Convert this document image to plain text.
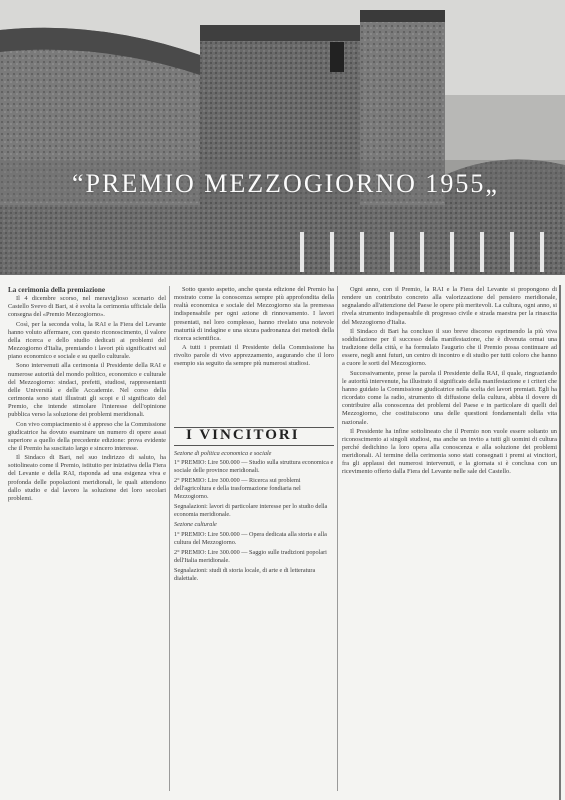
“PREMIO MEZZOGIORNO 1955„

La cerimonia della premiazione

Il 4 dicembre scorso, nel meraviglioso scenario del Castello Svevo di Bari, si è svolta la cerimonia ufficiale della consegna del «Premio Mezzogiorno».

Così, per la seconda volta, la RAI e la Fiera del Levante hanno voluto affermare, con questo riconoscimento, il valore della ricerca e dello studio dedicati ai problemi del Mezzogiorno d'Italia, premiando i lavori più significativi sul piano economico e sociale e su quello culturale.

Sono intervenuti alla cerimonia il Presidente della RAI e numerose autorità del mondo politico, economico e culturale del Mezzogiorno: sindaci, prefetti, studiosi, rappresentanti delle Università e delle Accademie. Nel corso della cerimonia sono stati illustrati gli scopi e il significato del Premio, che intende stimolare l'interesse dell'opinione pubblica verso la soluzione dei problemi meridionali.

Con vivo compiacimento si è appreso che la Commissione giudicatrice ha dovuto esaminare un numero di opere assai superiore a quello della precedente edizione: prova evidente che il Premio ha suscitato largo e sincero interesse.

Il Sindaco di Bari, nel suo indirizzo di saluto, ha sottolineato come il Premio, istituito per iniziativa della Fiera del Levante e della RAI, risponda ad una esigenza viva e profonda delle popolazioni meridionali, le quali attendono dallo studio e dal lavoro la soluzione dei loro secolari problemi.

Sotto questo aspetto, anche questa edizione del Premio ha mostrato come la conoscenza sempre più approfondita della realtà economica e sociale del Mezzogiorno sia la premessa indispensabile per ogni azione di rinnovamento. I lavori presentati, nel loro complesso, hanno rivelato una notevole maturità di indagine e una sicura padronanza dei metodi della ricerca scientifica.

A tutti i premiati il Presidente della Commissione ha rivolto parole di vivo apprezzamento, augurando che il loro esempio sia seguito da sempre più numerosi studiosi.

I VINCITORI
Sezione di politica economica e sociale

1° PREMIO: Lire 500.000 — Studio sulla struttura economica e sociale delle province meridionali.

2° PREMIO: Lire 300.000 — Ricerca sui problemi dell'agricoltura e della trasformazione fondiaria nel Mezzogiorno.

Segnalazioni: lavori di particolare interesse per lo studio della economia meridionale.

Sezione culturale

1° PREMIO: Lire 500.000 — Opera dedicata alla storia e alla cultura del Mezzogiorno.

2° PREMIO: Lire 300.000 — Saggio sulle tradizioni popolari dell'Italia meridionale.

Segnalazioni: studi di storia locale, di arte e di letteratura dialettale.

Ogni anno, con il Premio, la RAI e la Fiera del Levante si propongono di rendere un contributo concreto alla valorizzazione del pensiero meridionale, segnalando all'attenzione del Paese le opere più meritevoli. La cultura, ogni anno, si rivela strumento indispensabile di progresso civile e strada maestra per la rinascita del Mezzogiorno d'Italia.

Il Sindaco di Bari ha concluso il suo breve discorso esprimendo la più viva soddisfazione per il successo della manifestazione, che è divenuta ormai una tradizione della città, e ha formulato l'augurio che il Premio possa continuare ad essere, negli anni futuri, un centro di incontro e di studio per tutti coloro che hanno a cuore le sorti del Mezzogiorno.

Successivamente, prese la parola il Presidente della RAI, il quale, ringraziando le autorità intervenute, ha illustrato il significato della manifestazione e i criteri che hanno guidato la Commissione giudicatrice nella scelta dei lavori premiati. Egli ha ricordato come la radio, strumento di diffusione della cultura, abbia il dovere di contribuire alla conoscenza dei problemi del Paese e in particolare di quelli del Mezzogiorno, che costituiscono una delle questioni fondamentali della vita nazionale.

Il Presidente ha infine sottolineato che il Premio non vuole essere soltanto un riconoscimento ai singoli studiosi, ma anche un invito a tutti gli uomini di cultura perché dedichino la loro opera alla conoscenza e alla soluzione dei problemi meridionali. Al termine della cerimonia sono stati consegnati i premi ai vincitori, fra gli applausi dei numerosi intervenuti, e la giornata si è conclusa con un ricevimento offerto dalla Fiera del Levante nelle sale del Castello.
